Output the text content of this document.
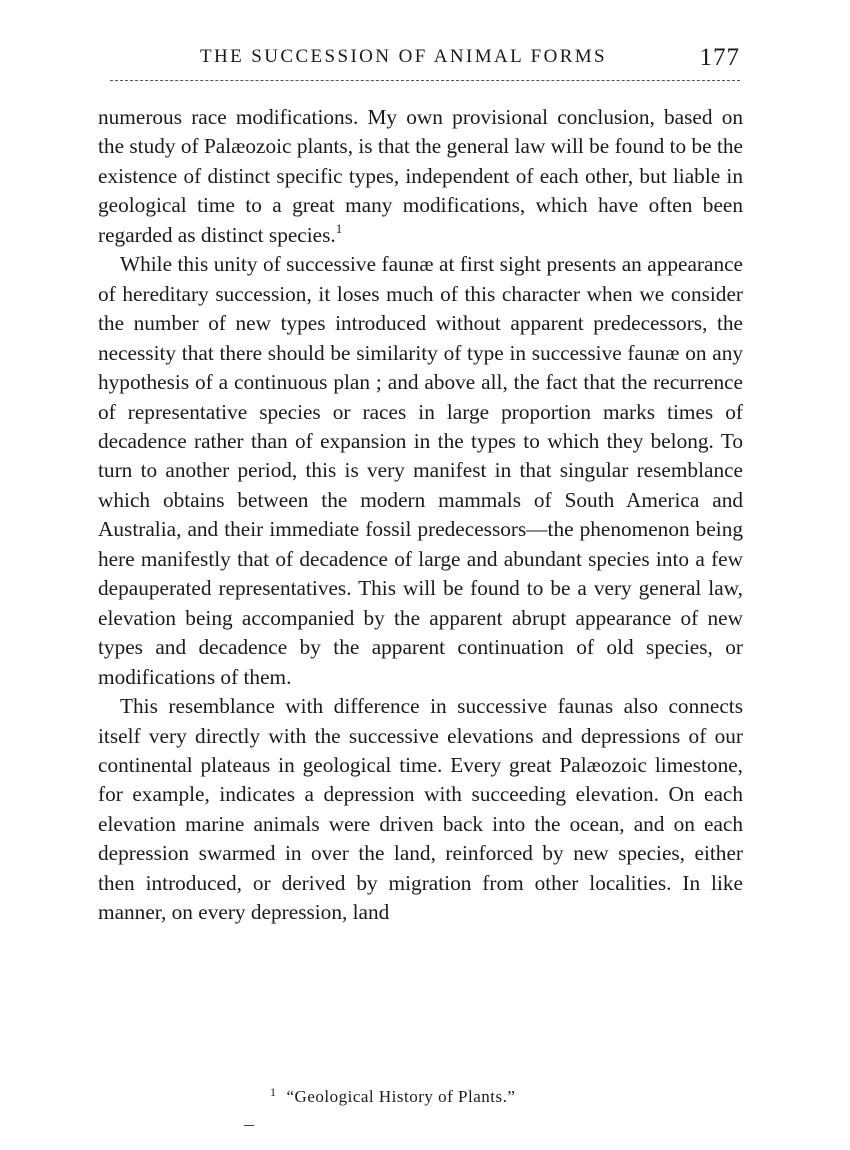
THE SUCCESSION OF ANIMAL FORMS	177

numerous race modifications. My own provisional conclusion, based on the study of Palæozoic plants, is that the general law will be found to be the existence of distinct specific types, independent of each other, but liable in geological time to a great many modifications, which have often been regarded as distinct species.$^1$

While this unity of successive faunæ at first sight presents an appearance of hereditary succession, it loses much of this character when we consider the number of new types introduced without apparent predecessors, the necessity that there should be similarity of type in successive faunæ on any hypothesis of a continuous plan ; and above all, the fact that the recurrence of representative species or races in large proportion marks times of decadence rather than of expansion in the types to which they belong. To turn to another period, this is very manifest in that singular resemblance which obtains between the modern mammals of South America and Australia, and their immediate fossil predecessors—the phenomenon being here manifestly that of decadence of large and abundant species into a few depauperated representatives. This will be found to be a very general law, elevation being accompanied by the apparent abrupt appearance of new types and decadence by the apparent continuation of old species, or modifications of them.

This resemblance with difference in successive faunas also connects itself very directly with the successive elevations and depressions of our continental plateaus in geological time. Every great Palæozoic limestone, for example, indicates a depression with succeeding elevation. On each elevation marine animals were driven back into the ocean, and on each depression swarmed in over the land, reinforced by new species, either then introduced, or derived by migration from other localities. In like manner, on every depression, land

$^1$ “Geological History of Plants.”
